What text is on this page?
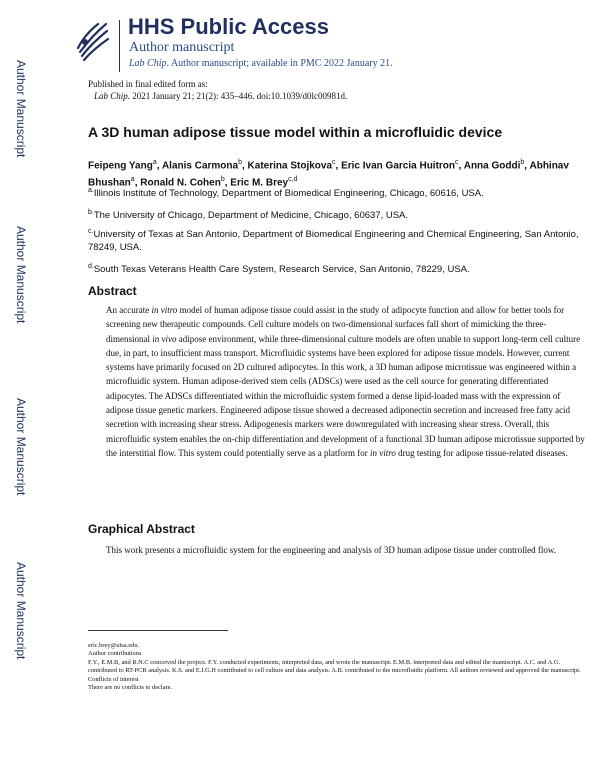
Author Manuscript
Author Manuscript
Author Manuscript
Author Manuscript
HHS Public Access
Author manuscript
Lab Chip. Author manuscript; available in PMC 2022 January 21.
Published in final edited form as:
Lab Chip. 2021 January 21; 21(2): 435–446. doi:10.1039/d0lc00981d.
A 3D human adipose tissue model within a microfluidic device
Feipeng Yang$^a$, Alanis Carmona$^b$, Katerina Stojkova$^c$, Eric Ivan Garcia Huitron$^c$, Anna Goddi$^b$, Abhinav Bhushan$^a$, Ronald N. Cohen$^b$, Eric M. Brey$^{c,d}$
$^{a.}$Illinois Institute of Technology, Department of Biomedical Engineering, Chicago, 60616, USA.
$^{b.}$The University of Chicago, Department of Medicine, Chicago, 60637, USA.
$^{c.}$University of Texas at San Antonio, Department of Biomedical Engineering and Chemical Engineering, San Antonio, 78249, USA.
$^{d.}$South Texas Veterans Health Care System, Research Service, San Antonio, 78229, USA.
Abstract
An accurate in vitro model of human adipose tissue could assist in the study of adipocyte function and allow for better tools for screening new therapeutic compounds. Cell culture models on two-dimensional surfaces fall short of mimicking the three-dimensional in vivo adipose environment, while three-dimensional culture models are often unable to support long-term cell culture due, in part, to insufficient mass transport. Microfluidic systems have been explored for adipose tissue models. However, current systems have primarily focused on 2D cultured adipocytes. In this work, a 3D human adipose microtissue was engineered within a microfluidic system. Human adipose-derived stem cells (ADSCs) were used as the cell source for generating differentiated adipocytes. The ADSCs differentiated within the microfluidic system formed a dense lipid-loaded mass with the expression of adipose tissue genetic markers. Engineered adipose tissue showed a decreased adiponectin secretion and increased free fatty acid secretion with increasing shear stress. Adipogenesis markers were downregulated with increasing shear stress. Overall, this microfluidic system enables the on-chip differentiation and development of a functional 3D human adipose microtissue supported by the interstitial flow. This system could potentially serve as a platform for in vitro drug testing for adipose tissue-related diseases.
Graphical Abstract
This work presents a microfluidic system for the engineering and analysis of 3D human adipose tissue under controlled flow.
eric.brey@utsa.edu.
Author contributions
F.Y., E.M.B, and R.N.C conceived the project. F.Y. conducted experiments, interpreted data, and wrote the manuscript. E.M.B. interpreted data and edited the manuscript. A.C. and A.G. contributed to RT-PCR analysis. K.S. and E.I.G.H contributed to cell culture and data analysis. A.B. contributed to the microfluidic platform. All authors reviewed and approved the manuscript.
Conflicts of interest
There are no conflicts to declare.
